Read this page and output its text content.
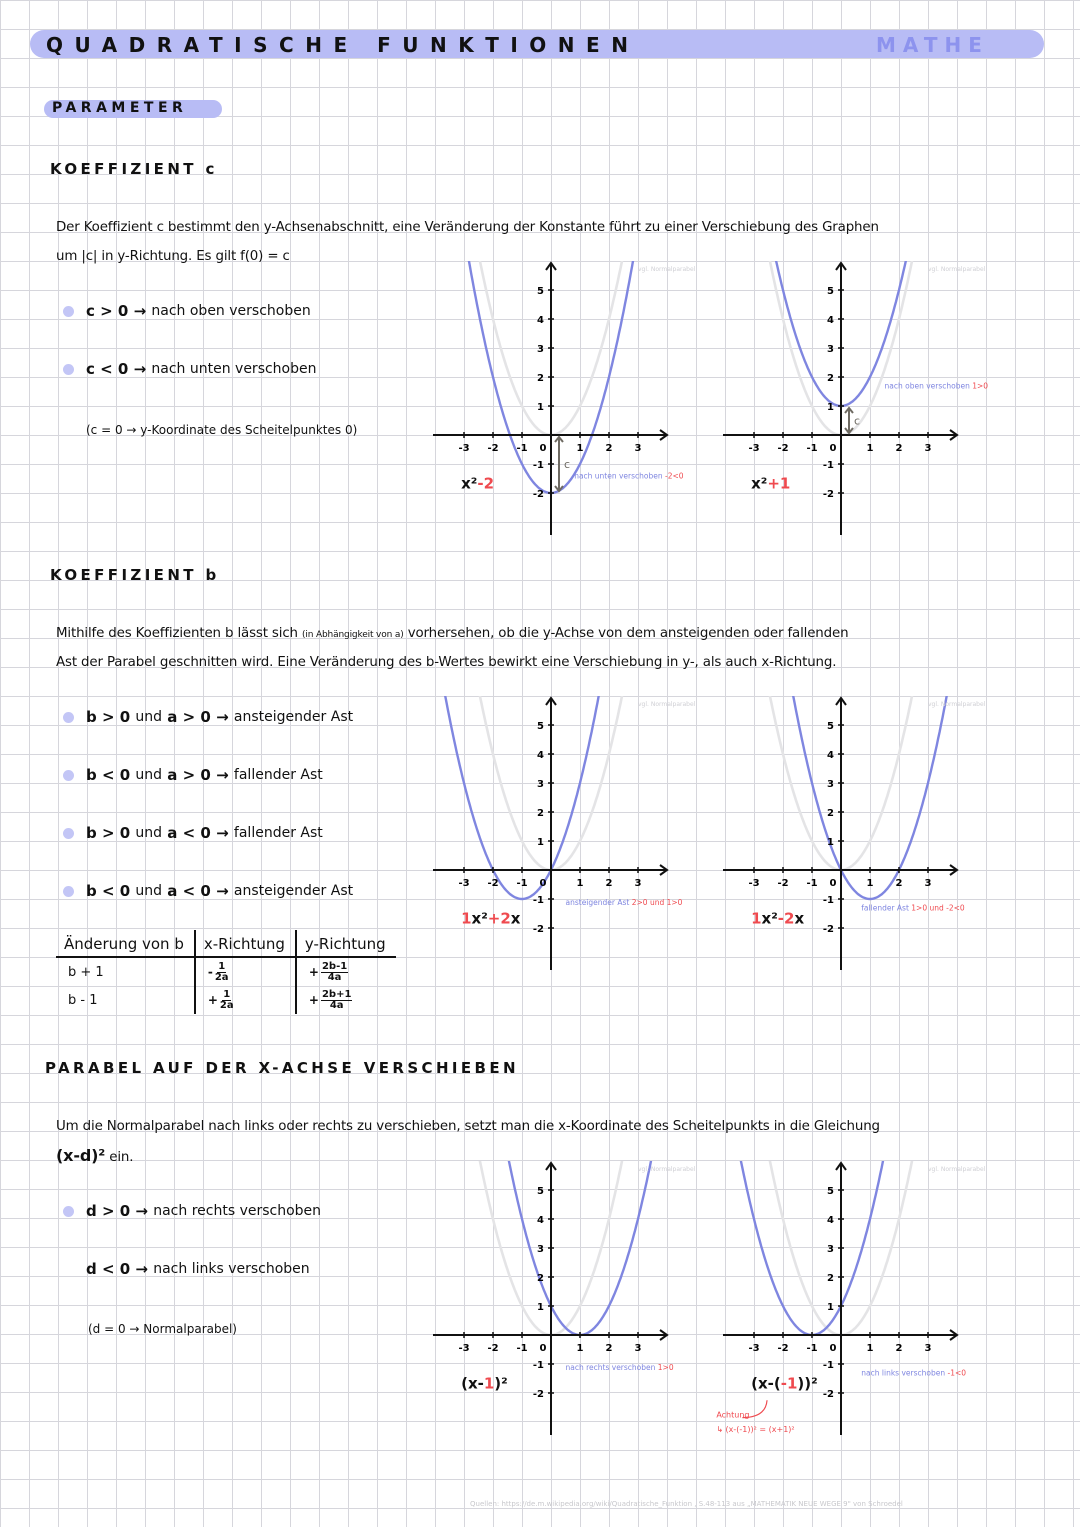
QUADRATISCHE FUNKTIONEN	MATHE
PARAMETER
KOEFFIZIENT c
Der Koeffizient c bestimmt den y-Achsenabschnitt, eine Veränderung der Konstante führt zu einer Verschiebung des Graphen
um |c| in y-Richtung. Es gilt f(0) = c
c > 0
→
nach oben verschoben
c < 0
→
nach unten verschoben
(c = 0 → y-Koordinate des Scheitelpunktes 0)
KOEFFIZIENT b
Mithilfe des Koeffizienten b lässt sich (in Abhängigkeit von a) vorhersehen, ob die y-Achse von dem ansteigenden oder fallenden
Ast der Parabel geschnitten wird. Eine Veränderung des b-Wertes bewirkt eine Verschiebung in y-, als auch x-Richtung.
b > 0
und
a > 0
→
ansteigender Ast
b < 0
und
a > 0
→
fallender Ast
b > 0
und
a < 0
→
fallender Ast
b < 0
und
a < 0
→
ansteigender Ast
Änderung von b	x-Richtung	y-Richtung
b + 1	- $\frac{1}{2a}$	+ $\frac{2b-1}{4a}$

b - 1	+ $\frac{1}{2a}$	+ $\frac{2b+1}{4a}$
PARABEL AUF DER X-ACHSE VERSCHIEBEN
Um die Normalparabel nach links oder rechts zu verschieben, setzt man die x-Koordinate des Scheitelpunkts in die Gleichung
(x-d)² ein.
d > 0
→
nach rechts verschoben
d < 0
→
nach links verschoben
(d = 0 → Normalparabel)
-3 -2 -1 0	1 2 3
5
4
3
2
1
-1
-2
vgl. Normalparabel
c
nach unten verschoben -2<0
x²-2
-3 -2 -1 0	1 2 3
5
4
3
2
1
-1
-2
vgl. Normalparabel
c
nach oben verschoben 1>0
x²+1
-3 -2 -1 0	1 2 3
5
4
3
2
1
-1
-2
vgl. Normalparabel
ansteigender Ast 2>0 und 1>0
1x²+2x
-3 -2 -1 0	1 2 3
5
4
3
2
1
-1
-2
vgl. Normalparabel
fallender Ast 1>0 und -2<0
1x²-2x
-3 -2 -1 0	1 2 3
5
4
3
2
1
-1
-2
vgl. Normalparabel
nach rechts verschoben 1>0
(x-1)²
-3 -2 -1 0	1 2 3
5
4
3
2
1
-1
-2
vgl. Normalparabel
nach links verschoben -1<0
(x-(-1))²
Achtung
↳ (x-(-1))² = (x+1)²
Quellen: https://de.m.wikipedia.org/wiki/Quadratische_Funktion , S.48-113 aus „MATHEMATIK NEUE WEGE 9" von Schroedel
